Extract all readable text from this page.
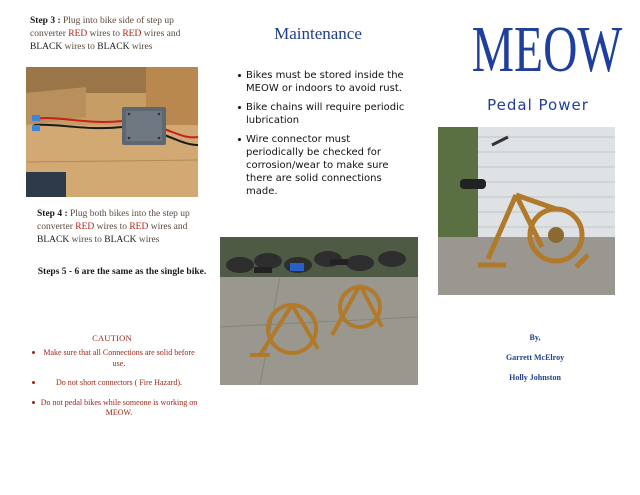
Step 3 : Plug into bike side of step up converter RED wires to RED wires and BLACK wires to BLACK wires
Step 4 : Plug both bikes into the step up converter RED wires to RED wires and BLACK wires to BLACK wires
Steps 5 - 6 are the same as the single bike.
CAUTION
Make sure that all Connections are solid before use.
Do not short connectors ( Fire Hazard).
Do not pedal bikes while someone is working on MEOW.
Maintenance
Bikes must be stored inside the MEOW or indoors to avoid rust.
Bike chains will require periodic lubrication
Wire connector must periodically be checked for corrosion/wear to make sure there are solid connections made.
MEOW
Pedal Power
By,
Garrett McElroy
Holly Johnston
